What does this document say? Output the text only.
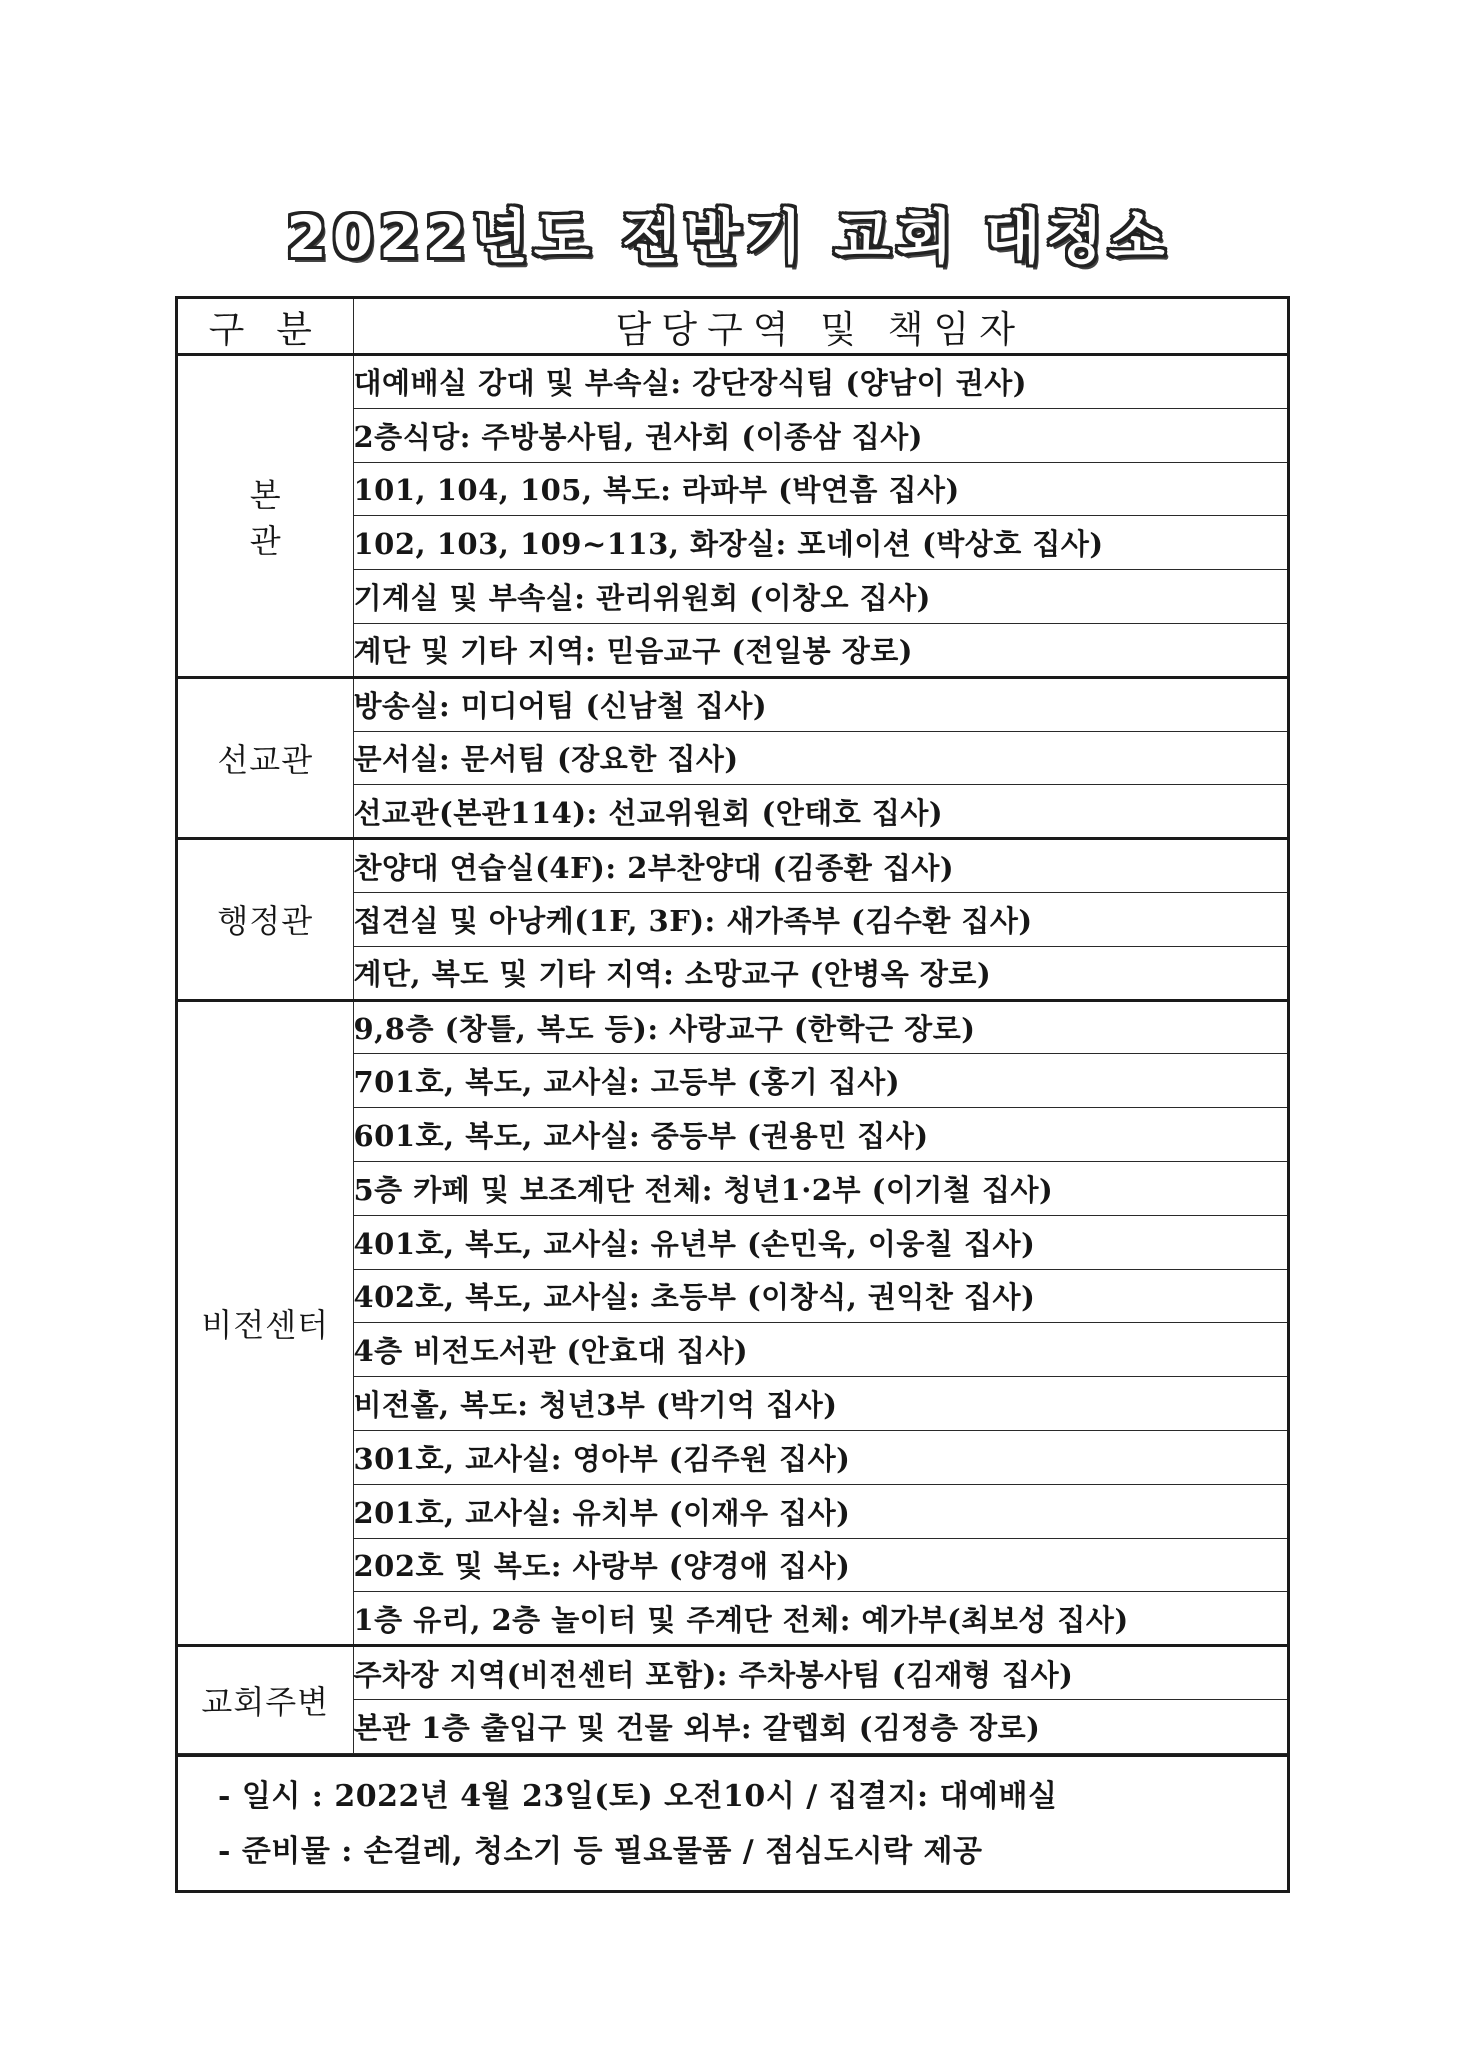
2022년도 전반기 교회 대청소
구 분	담당구역 및 책임자
본 관	대예배실 강대 및 부속실: 강단장식팀 (양남이 권사)
	2층식당: 주방봉사팀, 권사회 (이종삼 집사)
	101, 104, 105, 복도: 라파부 (박연흠 집사)
	102, 103, 109~113, 화장실: 포네이션 (박상호 집사)
	기계실 및 부속실: 관리위원회 (이창오 집사)
	계단 및 기타 지역: 믿음교구 (전일봉 장로)
선교관	방송실: 미디어팀 (신남철 집사)
	문서실: 문서팀 (장요한 집사)
	선교관(본관114): 선교위원회 (안태호 집사)
행정관	찬양대 연습실(4F): 2부찬양대 (김종환 집사)
	접견실 및 아낭케(1F, 3F): 새가족부 (김수환 집사)
	계단, 복도 및 기타 지역: 소망교구 (안병옥 장로)
비전센터	9,8층 (창틀, 복도 등): 사랑교구 (한학근 장로)
	701호, 복도, 교사실: 고등부 (홍기 집사)
	601호, 복도, 교사실: 중등부 (권용민 집사)
	5층 카페 및 보조계단 전체: 청년1·2부 (이기철 집사)
	401호, 복도, 교사실: 유년부 (손민욱, 이웅칠 집사)
	402호, 복도, 교사실: 초등부 (이창식, 권익찬 집사)
	4층 비전도서관 (안효대 집사)
	비전홀, 복도: 청년3부 (박기억 집사)
	301호, 교사실: 영아부 (김주원 집사)
	201호, 교사실: 유치부 (이재우 집사)
	202호 및 복도: 사랑부 (양경애 집사)
	1층 유리, 2층 놀이터 및 주계단 전체: 예가부(최보성 집사)
교회주변	주차장 지역(비전센터 포함): 주차봉사팀 (김재형 집사)
	본관 1층 출입구 및 건물 외부: 갈렙회 (김정층 장로)
- 일시 : 2022년 4월 23일(토) 오전10시 / 집결지: 대예배실
- 준비물 : 손걸레, 청소기 등 필요물품 / 점심도시락 제공
